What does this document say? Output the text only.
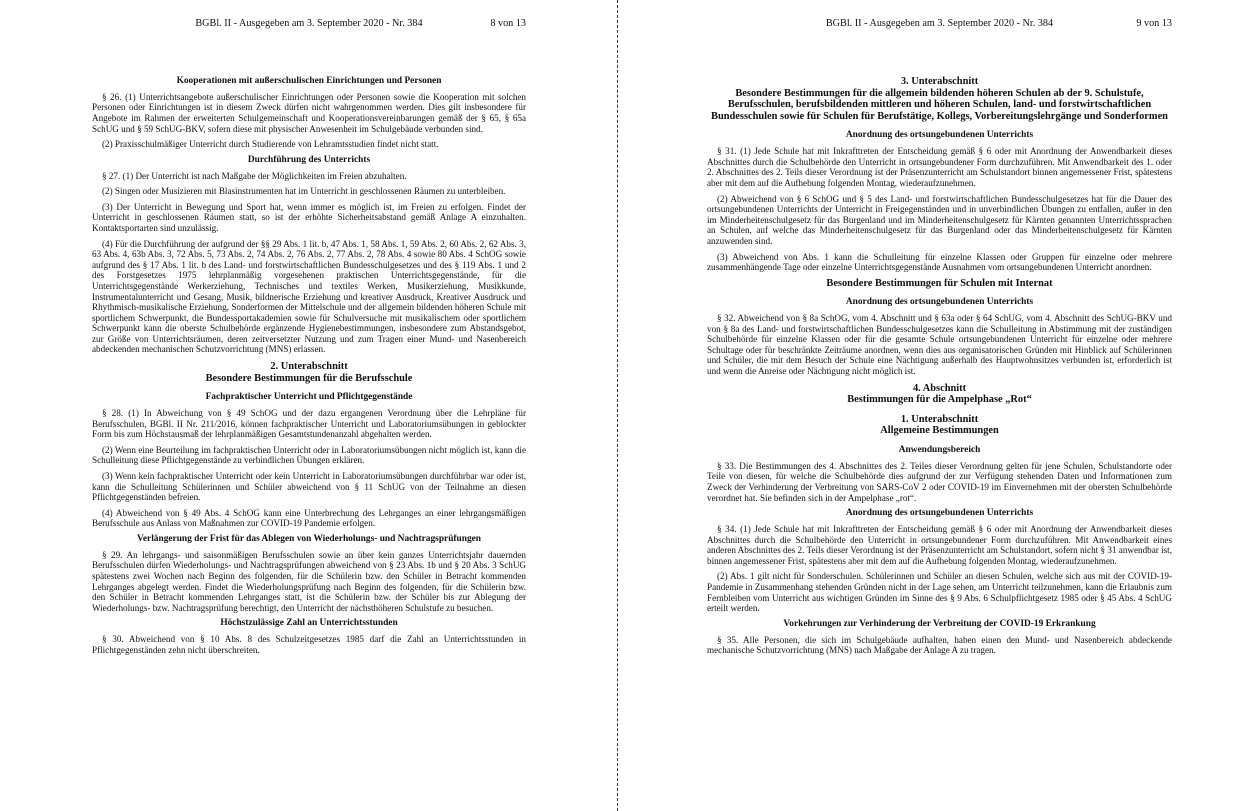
BGBl. II - Ausgegeben am 3. September 2020 - Nr. 384	8 von 13
Kooperationen mit außerschulischen Einrichtungen und Personen
§ 26. (1) Unterrichtsangebote außerschulischer Einrichtungen oder Personen sowie die Kooperation mit solchen Personen oder Einrichtungen ist in diesem Zweck dürfen nicht wahrgenommen werden. Dies gilt insbesondere für Angebote im Rahmen der erweiterten Schulgemeinschaft und Kooperationsvereinbarungen gemäß der § 65, § 65a SchUG und § 59 SchUG-BKV, sofern diese mit physischer Anwesenheit im Schulgebäude verbunden sind.
(2) Praxisschulmäßiger Unterricht durch Studierende von Lehramtsstudien findet nicht statt.
Durchführung des Unterrichts
§ 27. (1) Der Unterricht ist nach Maßgabe der Möglichkeiten im Freien abzuhalten.
(2) Singen oder Musizieren mit Blasinstrumenten hat im Unterricht in geschlossenen Räumen zu unterbleiben.
(3) Der Unterricht in Bewegung und Sport hat, wenn immer es möglich ist, im Freien zu erfolgen. Findet der Unterricht in geschlossenen Räumen statt, so ist der erhöhte Sicherheitsabstand gemäß Anlage A einzuhalten. Kontaktsportarten sind unzulässig.
(4) Für die Durchführung der aufgrund der §§ 29 Abs. 1 lit. b, 47 Abs. 1, 58 Abs. 1, 59 Abs. 2, 60 Abs. 2, 62 Abs. 3, 63 Abs. 4, 63b Abs. 3, 72 Abs. 5, 73 Abs. 2, 74 Abs. 2, 76 Abs. 2, 77 Abs. 2, 78 Abs. 4 sowie 80 Abs. 4 SchOG sowie aufgrund des § 17 Abs. 1 lit. b des Land- und forstwirtschaftlichen Bundesschulgesetzes und des § 119 Abs. 1 und 2 des Forstgesetzes 1975 lehrplanmäßig vorgesehenen praktischen Unterrichtsgegenstände, für die Unterrichtsgegenstände Werkerziehung, Technisches und textiles Werken, Musikerziehung, Musikkunde, Instrumentalunterricht und Gesang, Musik, bildnerische Erziehung und kreativer Ausdruck, Kreativer Ausdruck und Rhythmisch-musikalische Erziehung, Sonderformen der Mittelschule und der allgemein bildenden höheren Schule mit sportlichem Schwerpunkt, die Bundessportakademien sowie für Schulversuche mit musikalischem oder sportlichem Schwerpunkt kann die oberste Schulbehörde ergänzende Hygienebestimmungen, insbesondere zum Abstandsgebot, zur Größe von Unterrichtsräumen, deren zeitversetzter Nutzung und zum Tragen einer Mund- und Nasenbereich abdeckenden mechanischen Schutzvorrichtung (MNS) erlassen.
2. Unterabschnitt
Besondere Bestimmungen für die Berufsschule
Fachpraktischer Unterricht und Pflichtgegenstände
§ 28. (1) In Abweichung von § 49 SchOG und der dazu ergangenen Verordnung über die Lehrpläne für Berufsschulen, BGBl. II Nr. 211/2016, können fachpraktischer Unterricht und Laboratoriumsübungen in geblockter Form bis zum Höchstausmaß der lehrplanmäßigen Gesamtstundenanzahl abgehalten werden.
(2) Wenn eine Beurteilung im fachpraktischen Unterricht oder in Laboratoriumsübungen nicht möglich ist, kann die Schulleitung diese Pflichtgegenstände zu verbindlichen Übungen erklären.
(3) Wenn kein fachpraktischer Unterricht oder kein Unterricht in Laboratoriumsübungen durchführbar war oder ist, kann die Schulleitung Schülerinnen und Schüler abweichend von § 11 SchUG von der Teilnahme an diesen Pflichtgegenständen befreien.
(4) Abweichend von § 49 Abs. 4 SchOG kann eine Unterbrechung des Lehrganges an einer lehrgangsmäßigen Berufsschule aus Anlass von Maßnahmen zur COVID-19 Pandemie erfolgen.
Verlängerung der Frist für das Ablegen von Wiederholungs- und Nachtragsprüfungen
§ 29. An lehrgangs- und saisonmäßigen Berufsschulen sowie an über kein ganzes Unterrichtsjahr dauernden Berufsschulen dürfen Wiederholungs- und Nachtragsprüfungen abweichend von § 23 Abs. 1b und § 20 Abs. 3 SchUG spätestens zwei Wochen nach Beginn des folgenden, für die Schülerin bzw. den Schüler in Betracht kommenden Lehrganges abgelegt werden. Findet die Wiederholungsprüfung nach Beginn des folgenden, für die Schülerin bzw. den Schüler in Betracht kommenden Lehrganges statt, ist die Schülerin bzw. der Schüler bis zur Ablegung der Wiederholungs- bzw. Nachtragsprüfung berechtigt, den Unterricht der nächsthöheren Schulstufe zu besuchen.
Höchstzulässige Zahl an Unterrichtsstunden
§ 30. Abweichend von § 10 Abs. 8 des Schulzeitgesetzes 1985 darf die Zahl an Unterrichtsstunden in Pflichtgegenständen zehn nicht überschreiten.
BGBl. II - Ausgegeben am 3. September 2020 - Nr. 384	9 von 13
3. Unterabschnitt
Besondere Bestimmungen für die allgemein bildenden höheren Schulen ab der 9. Schulstufe, Berufsschulen, berufsbildenden mittleren und höheren Schulen, land- und forstwirtschaftlichen Bundesschulen sowie für Schulen für Berufstätige, Kollegs, Vorbereitungslehrgänge und Sonderformen
Anordnung des ortsungebundenen Unterrichts
§ 31. (1) Jede Schule hat mit Inkrafttreten der Entscheidung gemäß § 6 oder mit Anordnung der Anwendbarkeit dieses Abschnittes durch die Schulbehörde den Unterricht in ortsungebundener Form durchzuführen. Mit Anwendbarkeit des 1. oder 2. Abschnittes des 2. Teils dieser Verordnung ist der Präsenzunterricht am Schulstandort binnen angemessener Frist, spätestens aber mit dem auf die Aufhebung folgenden Montag, wiederaufzunehmen.
(2) Abweichend von § 6 SchOG und § 5 des Land- und forstwirtschaftlichen Bundesschulgesetzes hat für die Dauer des ortsungebundenen Unterrichts der Unterricht in Freigegenständen und in unverbindlichen Übungen zu entfallen, außer in den im Minderheitenschulgesetz für das Burgenland und im Minderheitenschulgesetz für Kärnten genannten Unterrichtssprachen an Schulen, auf welche das Minderheitenschulgesetz für das Burgenland oder das Minderheitenschulgesetz für Kärnten anzuwenden sind.
(3) Abweichend von Abs. 1 kann die Schulleitung für einzelne Klassen oder Gruppen für einzelne oder mehrere zusammenhängende Tage oder einzelne Unterrichtsgegenstände Ausnahmen vom ortsungebundenen Unterricht anordnen.
Besondere Bestimmungen für Schulen mit Internat
Anordnung des ortsungebundenen Unterrichts
§ 32. Abweichend von § 8a SchOG, vom 4. Abschnitt und § 63a oder § 64 SchUG, vom 4. Abschnitt des SchUG-BKV und von § 8a des Land- und forstwirtschaftlichen Bundesschulgesetzes kann die Schulleitung in Abstimmung mit der zuständigen Schulbehörde für einzelne Klassen oder für die gesamte Schule ortsungebundenen Unterricht für einzelne oder mehrere Schultage oder für beschränkte Zeiträume anordnen, wenn dies aus organisatorischen Gründen mit Hinblick auf Schülerinnen und Schüler, die mit dem Besuch der Schule eine Nächtigung außerhalb des Hauptwohnsitzes verbunden ist, erforderlich ist und wenn die Anreise oder Nächtigung nicht möglich ist.
4. Abschnitt
Bestimmungen für die Ampelphase „Rot“
1. Unterabschnitt
Allgemeine Bestimmungen
Anwendungsbereich
§ 33. Die Bestimmungen des 4. Abschnittes des 2. Teiles dieser Verordnung gelten für jene Schulen, Schulstandorte oder Teile von diesen, für welche die Schulbehörde dies aufgrund der zur Verfügung stehenden Daten und Informationen zum Zweck der Verhinderung der Verbreitung von SARS-CoV 2 oder COVID-19 im Einvernehmen mit der obersten Schulbehörde verordnet hat. Sie befinden sich in der Ampelphase „rot“.
Anordnung des ortsungebundenen Unterrichts
§ 34. (1) Jede Schule hat mit Inkrafttreten der Entscheidung gemäß § 6 oder mit Anordnung der Anwendbarkeit dieses Abschnittes durch die Schulbehörde den Unterricht in ortsungebundener Form durchzuführen. Mit Anwendbarkeit eines anderen Abschnittes des 2. Teils dieser Verordnung ist der Präsenzunterricht am Schulstandort, sofern nicht § 31 anwendbar ist, binnen angemessener Frist, spätestens aber mit dem auf die Aufhebung folgenden Montag, wiederaufzunehmen.
(2) Abs. 1 gilt nicht für Sonderschulen. Schülerinnen und Schüler an diesen Schulen, welche sich aus mit der COVID-19-Pandemie in Zusammenhang stehenden Gründen nicht in der Lage sehen, am Unterricht teilzunehmen, kann die Erlaubnis zum Fernbleiben vom Unterricht aus wichtigen Gründen im Sinne des § 9 Abs. 6 Schulpflichtgesetz 1985 oder § 45 Abs. 4 SchUG erteilt werden.
Vorkehrungen zur Verhinderung der Verbreitung der COVID-19 Erkrankung
§ 35. Alle Personen, die sich im Schulgebäude aufhalten, haben einen den Mund- und Nasenbereich abdeckende mechanische Schutzvorrichtung (MNS) nach Maßgabe der Anlage A zu tragen.
